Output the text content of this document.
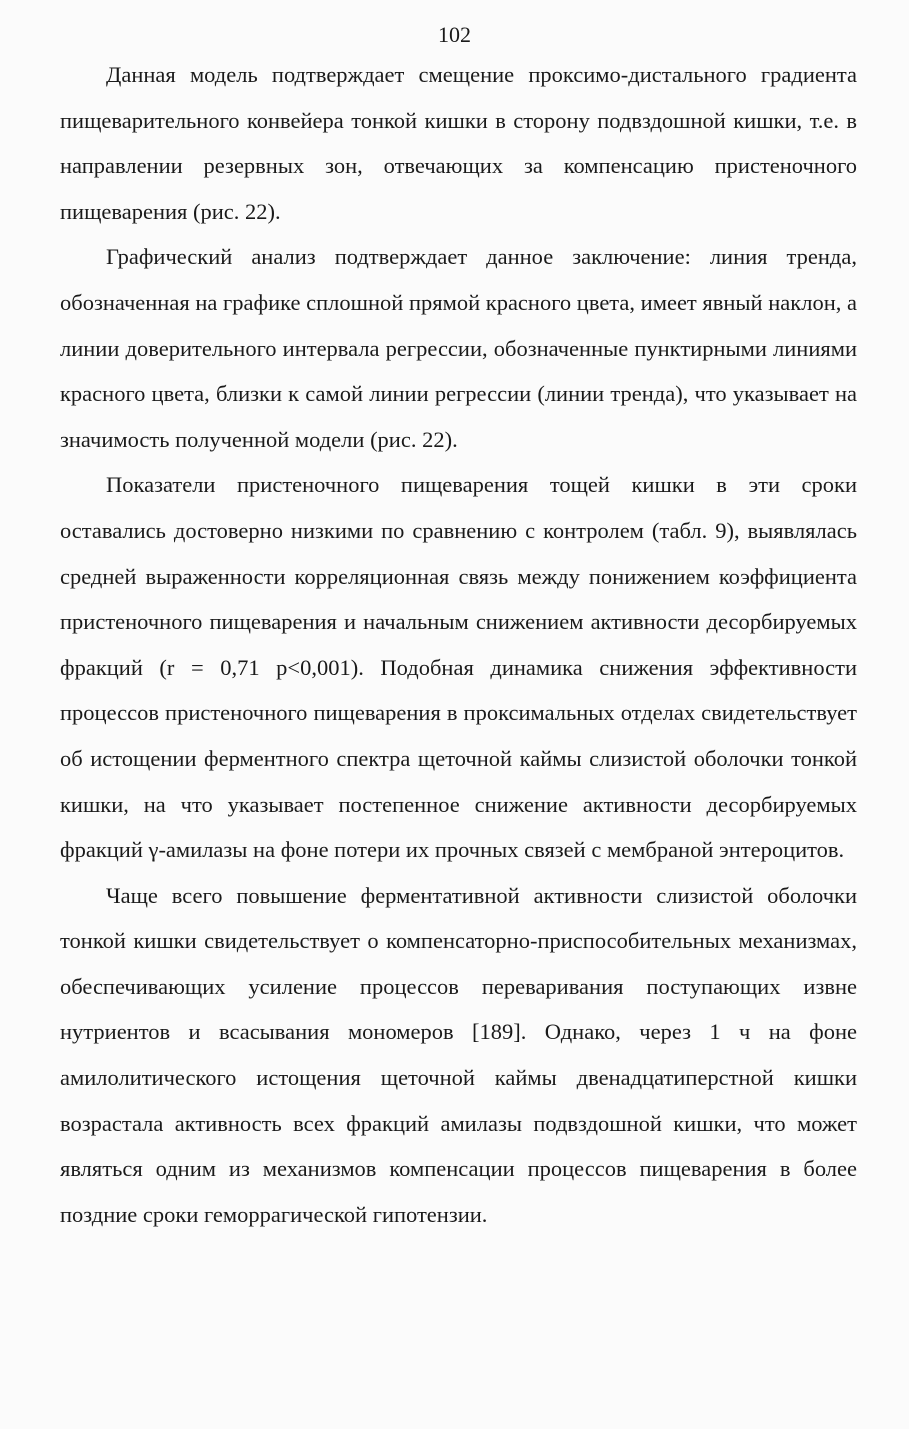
102

Данная модель подтверждает смещение проксимо-дистального градиента пищеварительного конвейера тонкой кишки в сторону подвздошной кишки, т.е. в направлении резервных зон, отвечающих за компенсацию пристеночного пищеварения (рис. 22).

Графический анализ подтверждает данное заключение: линия тренда, обозначенная на графике сплошной прямой красного цвета, имеет явный наклон, а линии доверительного интервала регрессии, обозначенные пунктирными линиями красного цвета, близки к самой линии регрессии (линии тренда), что указывает на значимость полученной модели (рис. 22).

Показатели пристеночного пищеварения тощей кишки в эти сроки оставались достоверно низкими по сравнению с контролем (табл. 9), выявлялась средней выраженности корреляционная связь между понижением коэффициента пристеночного пищеварения и начальным снижением активности десорбируемых фракций (r = 0,71 p<0,001). Подобная динамика снижения эффективности процессов пристеночного пищеварения в проксимальных отделах свидетельствует об истощении ферментного спектра щеточной каймы слизистой оболочки тонкой кишки, на что указывает постепенное снижение активности десорбируемых фракций γ-амилазы на фоне потери их прочных связей с мембраной энтероцитов.

Чаще всего повышение ферментативной активности слизистой оболочки тонкой кишки свидетельствует о компенсаторно-приспособительных механизмах, обеспечивающих усиление процессов переваривания поступающих извне нутриентов и всасывания мономеров [189]. Однако, через 1 ч на фоне амилолитического истощения щеточной каймы двенадцатиперстной кишки возрастала активность всех фракций амилазы подвздошной кишки, что может являться одним из механизмов компенсации процессов пищеварения в более поздние сроки геморрагической гипотензии.
